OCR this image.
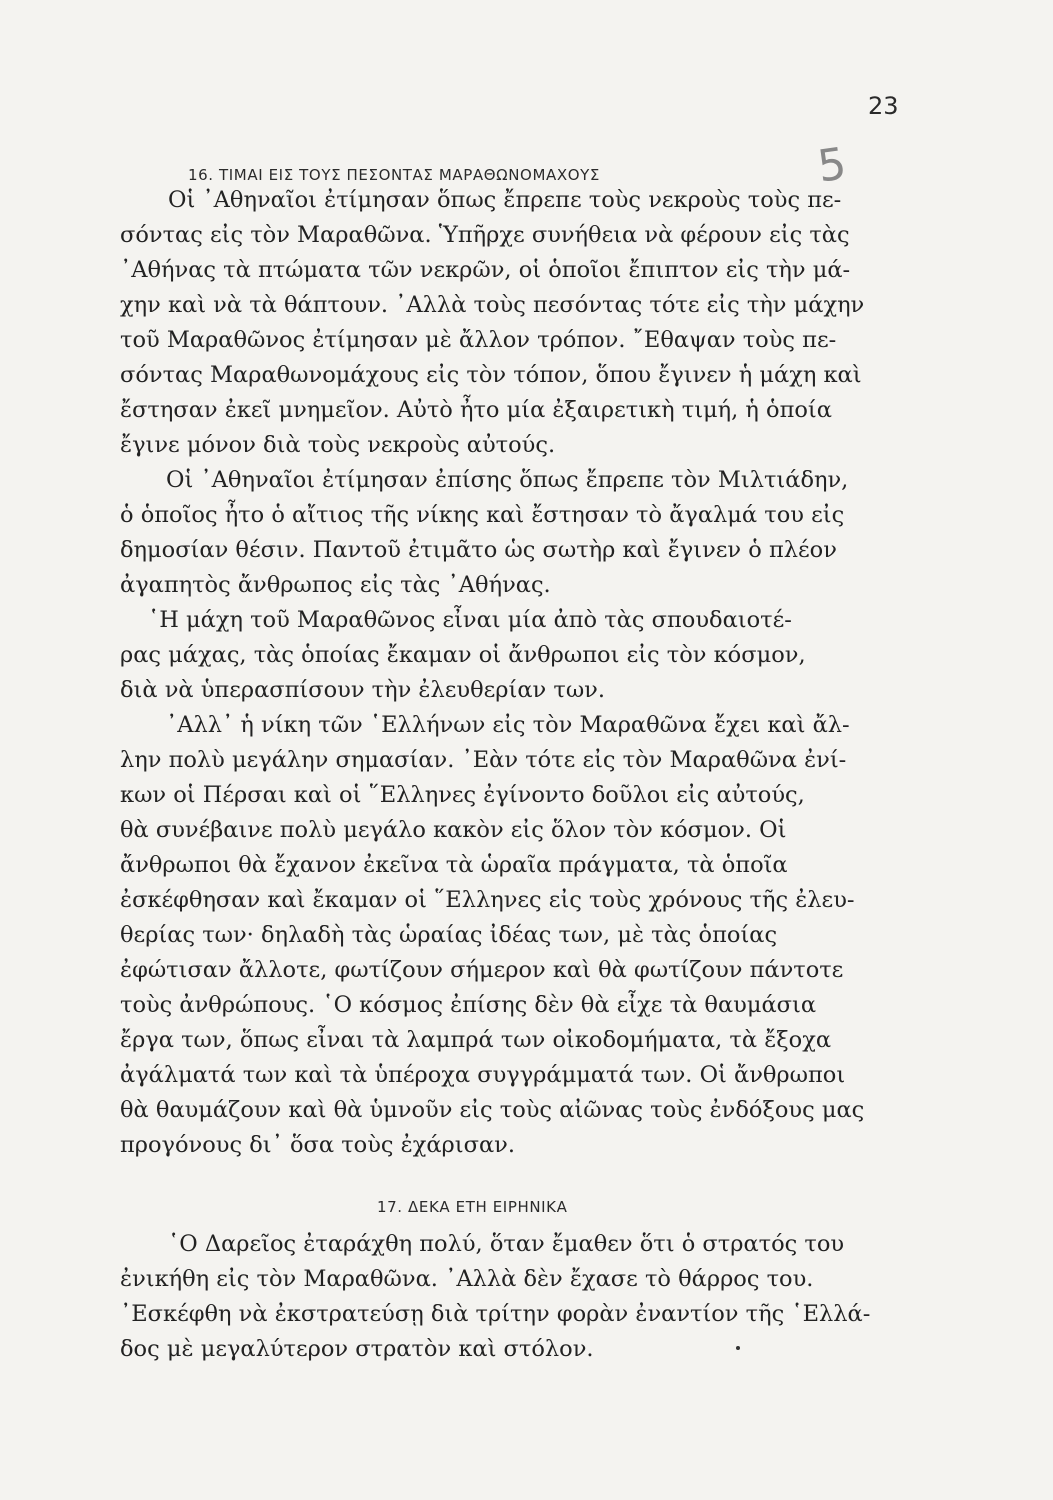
23
5
16. ΤΙΜΑΙ ΕΙΣ ΤΟΥΣ ΠΕΣΟΝΤΑΣ ΜΑΡΑΘΩΝΟΜΑΧΟΥΣ
Οἱ ᾿Αθηναῖοι ἐτίμησαν ὅπως ἔπρεπε τοὺς νεκροὺς τοὺς πε-
σόντας εἰς τὸν Μαραθῶνα. Ὑπῆρχε συνήθεια νὰ φέρουν εἰς τὰς
᾿Αθήνας τὰ πτώματα τῶν νεκρῶν, οἱ ὁποῖοι ἔπιπτον εἰς τὴν μά-
χην καὶ νὰ τὰ θάπτουν. ᾿Αλλὰ τοὺς πεσόντας τότε εἰς τὴν μάχην
τοῦ Μαραθῶνος ἐτίμησαν μὲ ἄλλον τρόπον. ῎Εθαψαν τοὺς πε-
σόντας Μαραθωνομάχους εἰς τὸν τόπον, ὅπου ἔγινεν ἡ μάχη καὶ
ἔστησαν ἐκεῖ μνημεῖον. Αὐτὸ ἦτο μία ἐξαιρετικὴ τιμή, ἡ ὁποία
ἔγινε μόνον διὰ τοὺς νεκροὺς αὐτούς.
Οἱ ᾿Αθηναῖοι ἐτίμησαν ἐπίσης ὅπως ἔπρεπε τὸν Μιλτιάδην,
ὁ ὁποῖος ἦτο ὁ αἴτιος τῆς νίκης καὶ ἔστησαν τὸ ἄγαλμά του εἰς
δημοσίαν θέσιν. Παντοῦ ἐτιμᾶτο ὡς σωτὴρ καὶ ἔγινεν ὁ πλέον
ἀγαπητὸς ἄνθρωπος εἰς τὰς ᾿Αθήνας.
῾Η μάχη τοῦ Μαραθῶνος εἶναι μία ἀπὸ τὰς σπουδαιοτέ-
ρας μάχας, τὰς ὁποίας ἔκαμαν οἱ ἄνθρωποι εἰς τὸν κόσμον,
διὰ νὰ ὑπερασπίσουν τὴν ἐλευθερίαν των.
᾿Αλλ᾿ ἡ νίκη τῶν ῾Ελλήνων εἰς τὸν Μαραθῶνα ἔχει καὶ ἄλ-
λην πολὺ μεγάλην σημασίαν. ᾿Εὰν τότε εἰς τὸν Μαραθῶνα ἐνί-
κων οἱ Πέρσαι καὶ οἱ ῞Ελληνες ἐγίνοντο δοῦλοι εἰς αὐτούς,
θὰ συνέβαινε πολὺ μεγάλο κακὸν εἰς ὅλον τὸν κόσμον. Οἱ
ἄνθρωποι θὰ ἔχανον ἐκεῖνα τὰ ὡραῖα πράγματα, τὰ ὁποῖα
ἐσκέφθησαν καὶ ἔκαμαν οἱ ῞Ελληνες εἰς τοὺς χρόνους τῆς ἐλευ-
θερίας των· δηλαδὴ τὰς ὡραίας ἰδέας των, μὲ τὰς ὁποίας
ἐφώτισαν ἄλλοτε, φωτίζουν σήμερον καὶ θὰ φωτίζουν πάντοτε
τοὺς ἀνθρώπους. ῾Ο κόσμος ἐπίσης δὲν θὰ εἶχε τὰ θαυμάσια
ἔργα των, ὅπως εἶναι τὰ λαμπρά των οἰκοδομήματα, τὰ ἔξοχα
ἀγάλματά των καὶ τὰ ὑπέροχα συγγράμματά των. Οἱ ἄνθρωποι
θὰ θαυμάζουν καὶ θὰ ὑμνοῦν εἰς τοὺς αἰῶνας τοὺς ἐνδόξους μας
προγόνους δι᾿ ὅσα τοὺς ἐχάρισαν.
17. ΔΕΚΑ ΕΤΗ ΕΙΡΗΝΙΚΑ
῾Ο Δαρεῖος ἐταράχθη πολύ, ὅταν ἔμαθεν ὅτι ὁ στρατός του
ἐνικήθη εἰς τὸν Μαραθῶνα. ᾿Αλλὰ δὲν ἔχασε τὸ θάρρος του.
᾿Εσκέφθη νὰ ἐκστρατεύσῃ διὰ τρίτην φορὰν ἐναντίον τῆς ῾Ελλά-
δος μὲ μεγαλύτερον στρατὸν καὶ στόλον.
